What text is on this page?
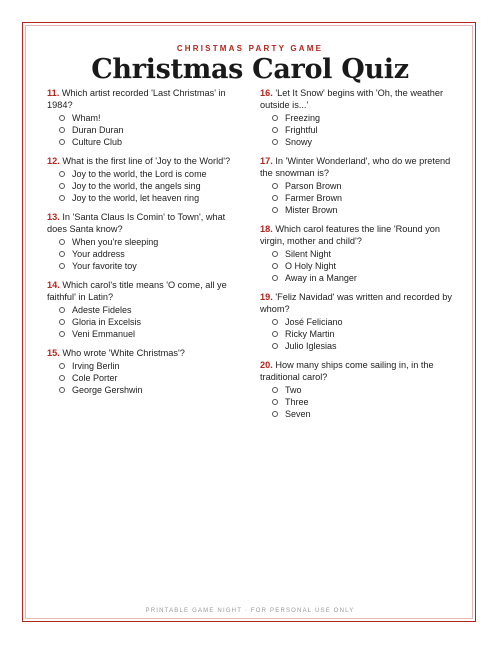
CHRISTMAS PARTY GAME
Christmas Carol Quiz
11. Which artist recorded 'Last Christmas' in 1984?
Wham!
Duran Duran
Culture Club
12. What is the first line of 'Joy to the World'?
Joy to the world, the Lord is come
Joy to the world, the angels sing
Joy to the world, let heaven ring
13. In 'Santa Claus Is Comin' to Town', what does Santa know?
When you're sleeping
Your address
Your favorite toy
14. Which carol's title means 'O come, all ye faithful' in Latin?
Adeste Fideles
Gloria in Excelsis
Veni Emmanuel
15. Who wrote 'White Christmas'?
Irving Berlin
Cole Porter
George Gershwin
16. 'Let It Snow' begins with 'Oh, the weather outside is...'
Freezing
Frightful
Snowy
17. In 'Winter Wonderland', who do we pretend the snowman is?
Parson Brown
Farmer Brown
Mister Brown
18. Which carol features the line 'Round yon virgin, mother and child'?
Silent Night
O Holy Night
Away in a Manger
19. 'Feliz Navidad' was written and recorded by whom?
José Feliciano
Ricky Martin
Julio Iglesias
20. How many ships come sailing in, in the traditional carol?
Two
Three
Seven
PRINTABLE GAME NIGHT · FOR PERSONAL USE ONLY
